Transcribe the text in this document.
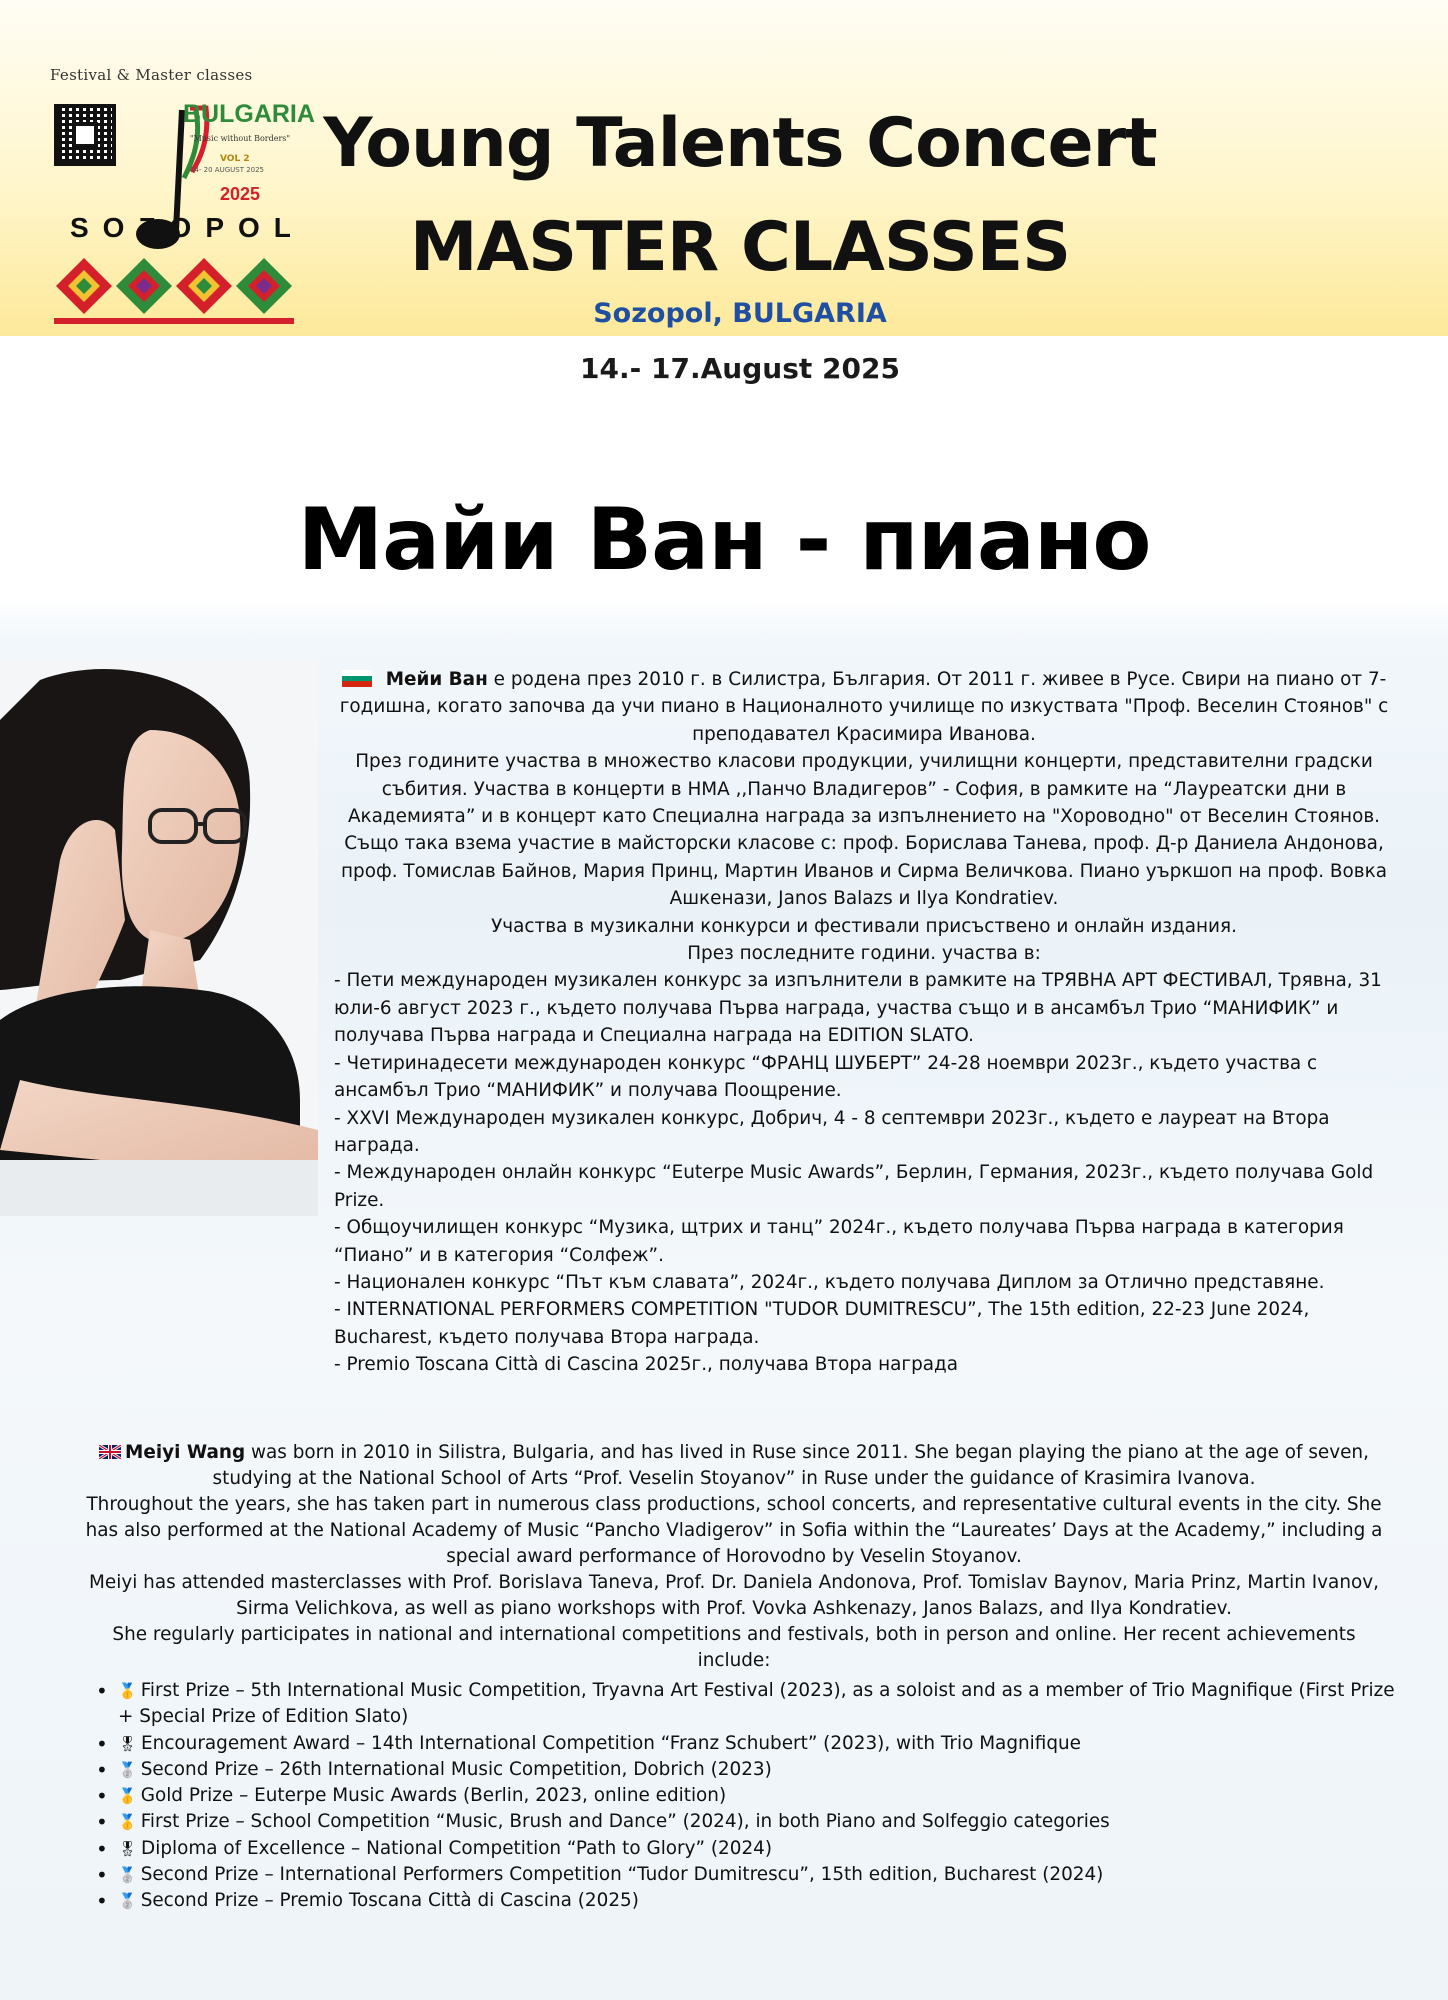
Festival & Master classes
BULGARIA
"Music without Borders"
VOL 2
14- 20 AUGUST 2025
2025
SOZOPOL
Young Talents Concert
MASTER CLASSES
Sozopol, BULGARIA
14.- 17.August 2025
Майи Ван - пиано

Мейи Ван е родена през 2010 г. в Силистра, България. От 2011 г. живее в Русе. Свири на пиано от 7-годишна, когато започва да учи пиано в Националното училище по изкуствата "Проф. Веселин Стоянов" с преподавател Красимира Иванова.

През годините участва в множество класови продукции, училищни концерти, представителни градски събития. Участва в концерти в НМА ,,Панчо Владигеров” - София, в рамките на “Лауреатски дни в Академията” и в концерт като Специална награда за изпълнението на "Хороводно" от Веселин Стоянов.

Също така взема участие в майсторски класове с: проф. Борислава Танева, проф. Д-р Даниела Андонова, проф. Томислав Байнов, Мария Принц, Мартин Иванов и Сирма Величкова. Пиано уъркшоп на проф. Вовка Ашкенази, Janos Balazs и Ilya Kondratiev.

Участва в музикални конкурси и фестивали присъствено и онлайн издания.

През последните години. участва в:

- Пети международен музикален конкурс за изпълнители в рамките на ТРЯВНА АРТ ФЕСТИВАЛ, Трявна, 31 юли-6 август 2023 г., където получава Първа награда, участва също и в ансамбъл Трио “МАНИФИК” и получава Първа награда и Специална награда на EDITION SLATO.

- Четиринадесети международен конкурс “ФРАНЦ ШУБЕРТ” 24-28 ноември 2023г., където участва с ансамбъл Трио “МАНИФИК” и получава Поощрение.

- XXVI Международен музикален конкурс, Добрич, 4 - 8 септември 2023г., където е лауреат на Втора награда.

- Международен онлайн конкурс “Euterpe Music Awards”, Берлин, Германия, 2023г., където получава Gold Prize.

- Общоучилищен конкурс “Музика, щтрих и танц” 2024г., където получава Първа награда в категория “Пиано” и в категория “Солфеж”.

- Национален конкурс “Път към славата”, 2024г., където получава Диплом за Отлично представяне.

- INTERNATIONAL PERFORMERS COMPETITION "TUDOR DUMITRESCU”, The 15th edition, 22-23 June 2024, Bucharest, където получава Втора награда.

- Premio Toscana Città di Cascina 2025г., получава Втора награда

Meiyi Wang was born in 2010 in Silistra, Bulgaria, and has lived in Ruse since 2011. She began playing the piano at the age of seven, studying at the National School of Arts “Prof. Veselin Stoyanov” in Ruse under the guidance of Krasimira Ivanova.

Throughout the years, she has taken part in numerous class productions, school concerts, and representative cultural events in the city. She has also performed at the National Academy of Music “Pancho Vladigerov” in Sofia within the “Laureates’ Days at the Academy,” including a special award performance of Horovodno by Veselin Stoyanov.

Meiyi has attended masterclasses with Prof. Borislava Taneva, Prof. Dr. Daniela Andonova, Prof. Tomislav Baynov, Maria Prinz, Martin Ivanov, Sirma Velichkova, as well as piano workshops with Prof. Vovka Ashkenazy, Janos Balazs, and Ilya Kondratiev.

She regularly participates in national and international competitions and festivals, both in person and online. Her recent achievements include:

• 🥇 First Prize – 5th International Music Competition, Tryavna Art Festival (2023), as a soloist and as a member of Trio Magnifique (First Prize + Special Prize of Edition Slato)
• 🎖 Encouragement Award – 14th International Competition “Franz Schubert” (2023), with Trio Magnifique
• 🥈 Second Prize – 26th International Music Competition, Dobrich (2023)
• 🥇 Gold Prize – Euterpe Music Awards (Berlin, 2023, online edition)
• 🥇 First Prize – School Competition “Music, Brush and Dance” (2024), in both Piano and Solfeggio categories
• 🎖 Diploma of Excellence – National Competition “Path to Glory” (2024)
• 🥈 Second Prize – International Performers Competition “Tudor Dumitrescu”, 15th edition, Bucharest (2024)
• 🥈 Second Prize – Premio Toscana Città di Cascina (2025)
